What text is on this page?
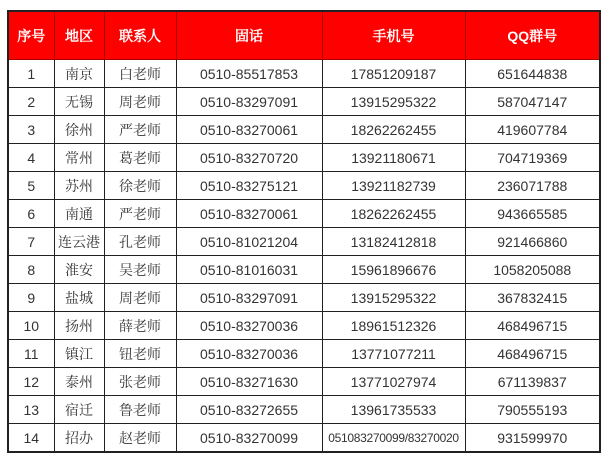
序号	地区	联系人	固话	手机号	QQ群号
1	南京	白老师	0510-85517853	17851209187	651644838
2	无锡	周老师	0510-83297091	13915295322	587047147
3	徐州	严老师	0510-83270061	18262262455	419607784
4	常州	葛老师	0510-83270720	13921180671	704719369
5	苏州	徐老师	0510-83275121	13921182739	236071788
6	南通	严老师	0510-83270061	18262262455	943665585
7	连云港	孔老师	0510-81021204	13182412818	921466860
8	淮安	吴老师	0510-81016031	15961896676	1058205088
9	盐城	周老师	0510-83297091	13915295322	367832415
10	扬州	薛老师	0510-83270036	18961512326	468496715
11	镇江	钮老师	0510-83270036	13771077211	468496715
12	泰州	张老师	0510-83271630	13771027974	671139837
13	宿迁	鲁老师	0510-83272655	13961735533	790555193
14	招办	赵老师	0510-83270099	051083270099/83270020	931599970
